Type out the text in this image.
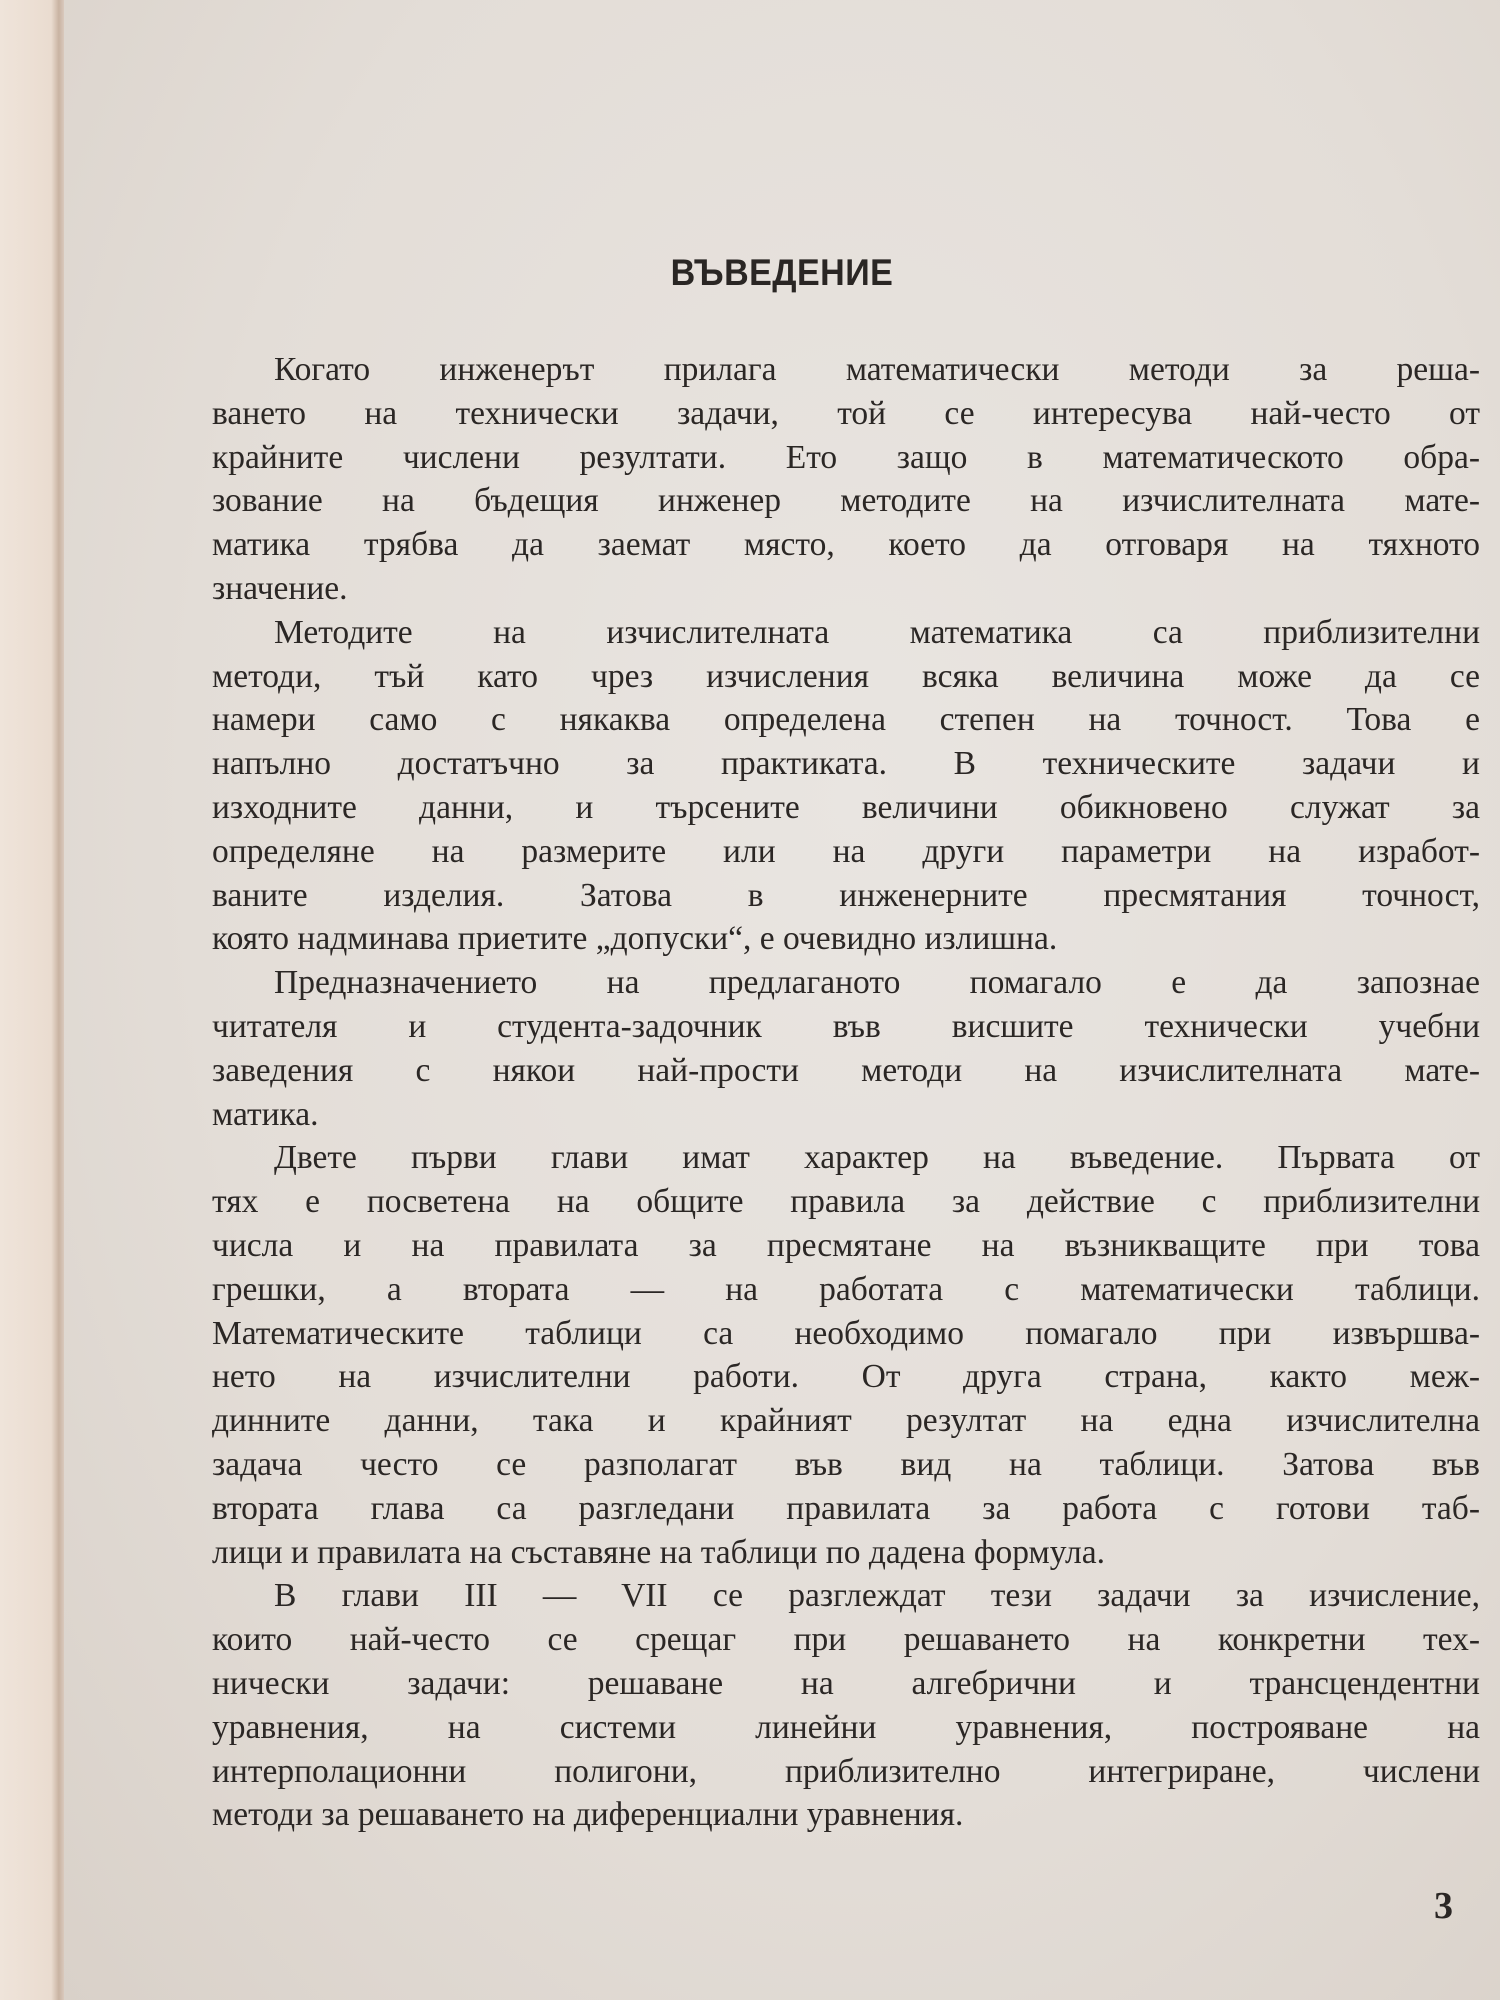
ВЪВЕДЕНИЕ
Когато инженерът прилага математически методи за реша-
ването на технически задачи, той се интересува най-често от
крайните числени резултати. Ето защо в математическото обра-
зование на бъдещия инженер методите на изчислителната мате-
матика трябва да заемат място, което да отговаря на тяхното
значение.
Методите на изчислителната математика са приблизителни
методи, тъй като чрез изчисления всяка величина може да се
намери само с някаква определена степен на точност. Това е
напълно достатъчно за практиката. В техническите задачи и
изходните данни, и търсените величини обикновено служат за
определяне на размерите или на други параметри на изработ-
ваните изделия. Затова в инженерните пресмятания точност,
която надминава приетите „допуски“, е очевидно излишна.
Предназначението на предлаганото помагало е да запознае
читателя и студента-задочник във висшите технически учебни
заведения с някои най-прости методи на изчислителната мате-
матика.
Двете първи глави имат характер на въведение. Първата от
тях е посветена на общите правила за действие с приблизителни
числа и на правилата за пресмятане на възникващите при това
грешки, а втората — на работата с математически таблици.
Математическите таблици са необходимо помагало при извършва-
нето на изчислителни работи. От друга страна, както меж-
динните данни, така и крайният резултат на една изчислителна
задача често се разполагат във вид на таблици. Затова във
втората глава са разгледани правилата за работа с готови таб-
лици и правилата на съставяне на таблици по дадена формула.
В глави III — VII се разглеждат тези задачи за изчисление,
които най-често се срещаг при решаването на конкретни тех-
нически задачи: решаване на алгебрични и трансцендентни
уравнения, на системи линейни уравнения, построяване на
интерполационни полигони, приблизително интегриране, числени
методи за решаването на диференциални уравнения.
3
